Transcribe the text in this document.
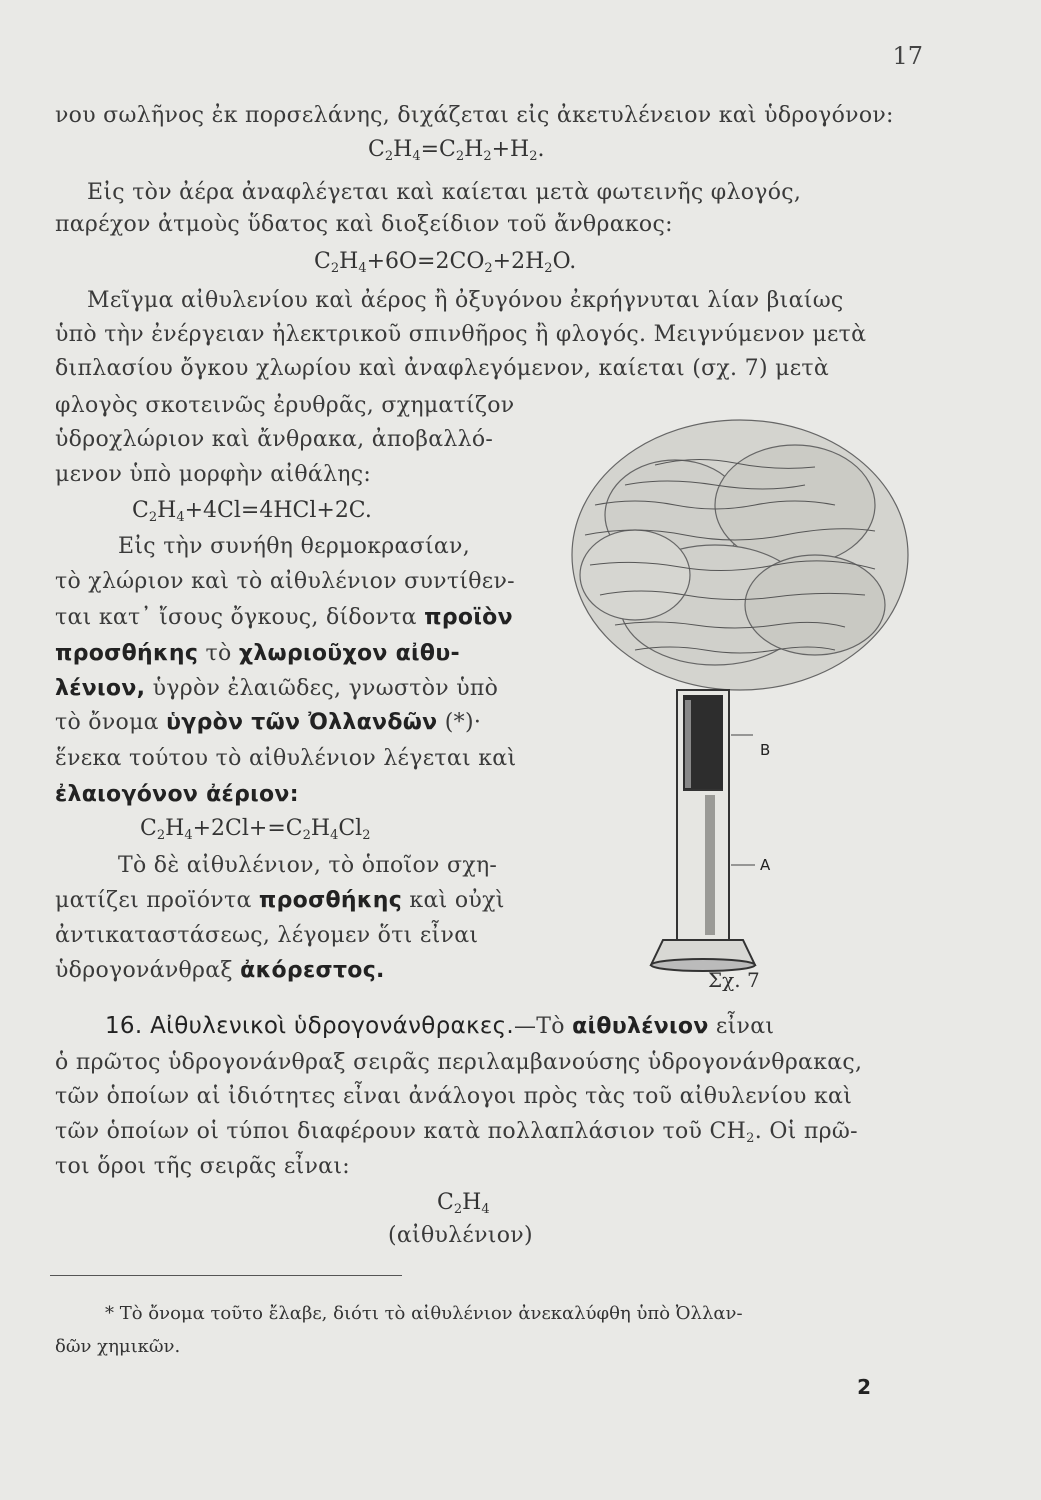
17
νου σωλῆνος ἐκ πορσελάνης, διχάζεται εἰς ἀκετυλένειον καὶ ὑδρογόνον:
$C_2H_4=C_2H_2+H_2$.
Εἰς τὸν ἀέρα ἀναφλέγεται καὶ καίεται μετὰ φωτεινῆς φλογός,
παρέχον ἀτμοὺς ὕδατος καὶ διοξείδιον τοῦ ἄνθρακος:
$C_2H_4+6O=2CO_2+2H_2O$.
Μεῖγμα αἰθυλενίου καὶ ἀέρος ἢ ὀξυγόνου ἐκρήγνυται λίαν βιαίως
ὑπὸ τὴν ἐνέργειαν ἠλεκτρικοῦ σπινθῆρος ἢ φλογός. Μειγνύμενον μετὰ
διπλασίου ὄγκου χλωρίου καὶ ἀναφλεγόμενον, καίεται (σχ. 7) μετὰ
φλογὸς σκοτεινῶς ἐρυθρᾶς, σχηματίζον
ὑδροχλώριον καὶ ἄνθρακα, ἀποβαλλό-
μενον ὑπὸ μορφὴν αἰθάλης:
$C_2H_4+4Cl=4HCl+2C$.
Εἰς τὴν συνήθη θερμοκρασίαν,
τὸ χλώριον καὶ τὸ αἰθυλένιον συντίθεν-
ται κατ᾽ ἴσους ὄγκους, δίδοντα προϊὸν
προσθήκης τὸ χλωριοῦχον αἰθυ-
λένιον, ὑγρὸν ἐλαιῶδες, γνωστὸν ὑπὸ
τὸ ὄνομα ὑγρὸν τῶν Ὀλλανδῶν (*)·
ἕνεκα τούτου τὸ αἰθυλένιον λέγεται καὶ
ἐλαιογόνον ἀέριον:
$C_2H_4+2Cl+=C_2H_4Cl_2$
Τὸ δὲ αἰθυλένιον, τὸ ὁποῖον σχη-
ματίζει προϊόντα προσθήκης καὶ οὐχὶ
ἀντικαταστάσεως, λέγομεν ὅτι εἶναι
ὑδρογονάνθραξ ἀκόρεστος.
B
A
Σχ. 7
16. Αἰθυλενικοὶ ὑδρογονάνθρακες.—Τὸ αἰθυλένιον εἶναι
ὁ πρῶτος ὑδρογονάνθραξ σειρᾶς περιλαμβανούσης ὑδρογονάνθρακας,
τῶν ὁποίων αἱ ἰδιότητες εἶναι ἀνάλογοι πρὸς τὰς τοῦ αἰθυλενίου καὶ
τῶν ὁποίων οἱ τύποι διαφέρουν κατὰ πολλαπλάσιον τοῦ $CH_2$. Οἱ πρῶ-
τοι ὅροι τῆς σειρᾶς εἶναι:
$C_2H_4$
(αἰθυλένιον)
* Τὸ ὄνομα τοῦτο ἔλαβε, διότι τὸ αἰθυλένιον ἀνεκαλύφθη ὑπὸ Ὀλλαν-
δῶν χημικῶν.
2
